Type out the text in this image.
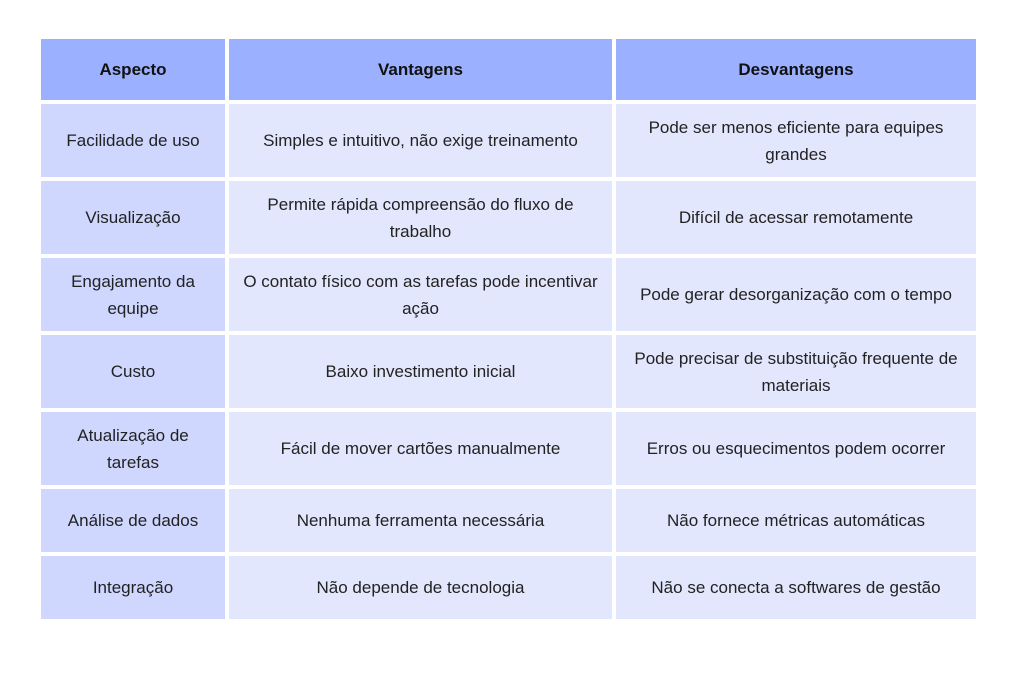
Aspecto	Vantagens	Desvantagens
Facilidade de uso	Simples e intuitivo, não exige treinamento	Pode ser menos eficiente para equipes grandes
Visualização	Permite rápida compreensão do fluxo de trabalho	Difícil de acessar remotamente
Engajamento da equipe	O contato físico com as tarefas pode incentivar ação	Pode gerar desorganização com o tempo
Custo	Baixo investimento inicial	Pode precisar de substituição frequente de materiais
Atualização de tarefas	Fácil de mover cartões manualmente	Erros ou esquecimentos podem ocorrer
Análise de dados	Nenhuma ferramenta necessária	Não fornece métricas automáticas
Integração	Não depende de tecnologia	Não se conecta a softwares de gestão
